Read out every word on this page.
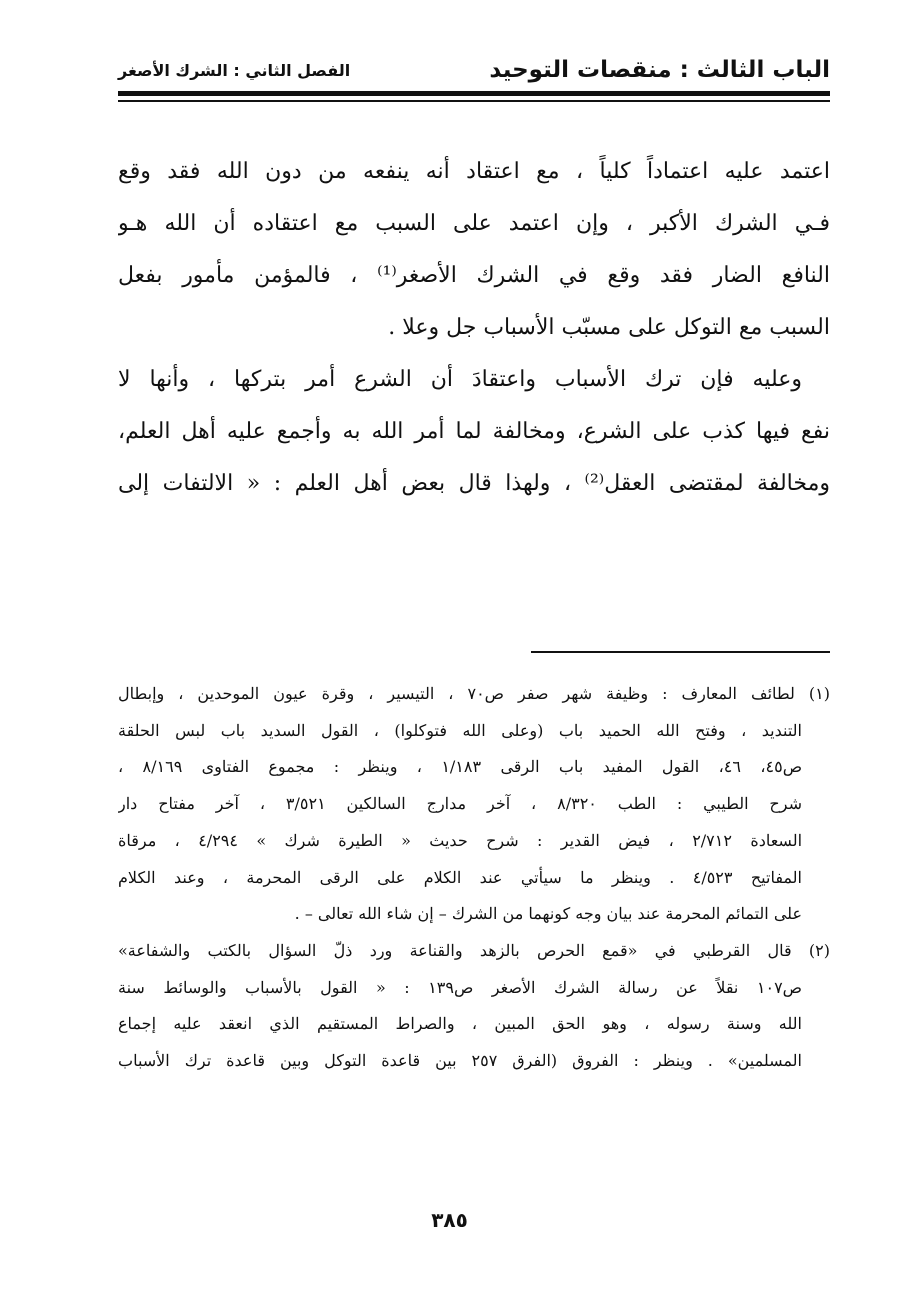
الباب الثالث : منقصات التوحيد
الفصل الثاني : الشرك الأصغر
اعتمد عليه اعتماداً كلياً ، مع اعتقاد أنه ينفعه من دون الله فقد وقع
فـي الشرك الأكبر ، وإن اعتمد على السبب مع اعتقاده أن الله هـو
النافع الضار فقد وقع في الشرك الأصغر⁽¹⁾ ، فالمؤمن مأمور بفعل
السبب مع التوكل على مسبّب الأسباب جل وعلا .
وعليه فإن ترك الأسباب واعتقادَ أن الشرع أمر بتركها ، وأنها لا
نفع فيها كذب على الشرع، ومخالفة لما أمر الله به وأجمع عليه أهل العلم،
ومخالفة لمقتضى العقل⁽²⁾ ، ولهذا قال بعض أهل العلم : « الالتفات إلى
(١) لطائف المعارف : وظيفة شهر صفر ص٧٠ ، التيسير ، وقرة عيون الموحدين ، وإبطال
التنديد ، وفتح الله الحميد باب (وعلى الله فتوكلوا) ، القول السديد باب لبس الحلقة
ص٤٥، ٤٦، القول المفيد باب الرقى ١/١٨٣ ، وينظر : مجموع الفتاوى ٨/١٦٩ ،
شرح الطيبي : الطب ٨/٣٢٠ ، آخر مدارج السالكين ٣/٥٢١ ، آخر مفتاح دار
السعادة ٢/٧١٢ ، فيض القدير : شرح حديث « الطيرة شرك » ٤/٢٩٤ ، مرقاة
المفاتيح ٤/٥٢٣ . وينظر ما سيأتي عند الكلام على الرقى المحرمة ، وعند الكلام
على التمائم المحرمة عند بيان وجه كونهما من الشرك – إن شاء الله تعالى – .
(٢) قال القرطبي في «قمع الحرص بالزهد والقناعة ورد ذلّ السؤال بالكتب والشفاعة»
ص١٠٧ نقلاً عن رسالة الشرك الأصغر ص١٣٩ : « القول بالأسباب والوسائط سنة
الله وسنة رسوله ، وهو الحق المبين ، والصراط المستقيم الذي انعقد عليه إجماع
المسلمين» . وينظر : الفروق (الفرق ٢٥٧ بين قاعدة التوكل وبين قاعدة ترك الأسباب
٣٨٥
